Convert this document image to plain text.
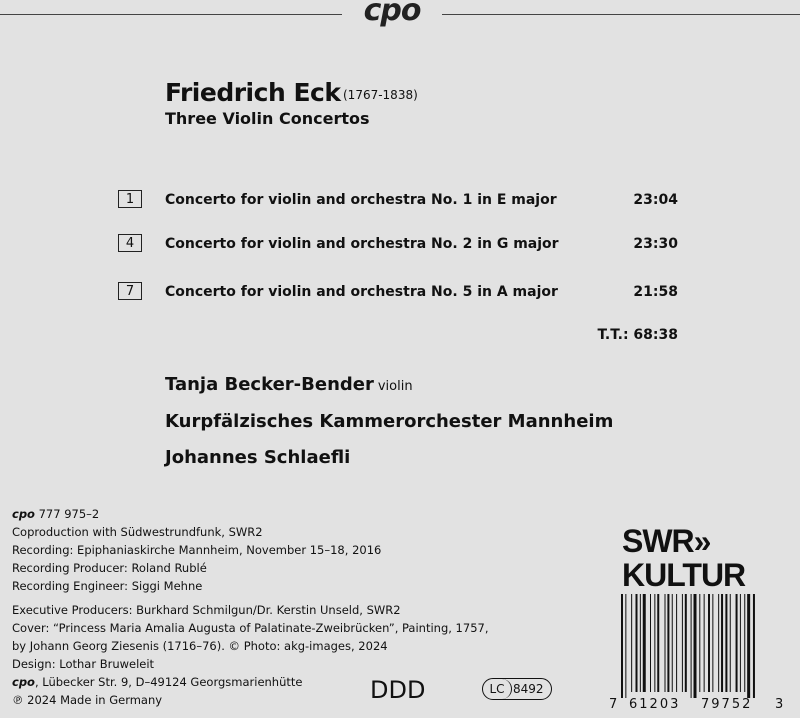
cpo
Friedrich Eck (1767-1838)
Three Violin Concertos
1	Concerto for violin and orchestra No. 1 in E major	23:04
4	Concerto for violin and orchestra No. 2 in G major	23:30
7	Concerto for violin and orchestra No. 5 in A major	21:58
T.T.: 68:38
Tanja Becker-Bender violin
Kurpfälzisches Kammerorchester Mannheim
Johannes Schlaefli
cpo 777 975–2
Coproduction with Südwestrundfunk, SWR2
Recording: Epiphaniaskirche Mannheim, November 15–18, 2016
Recording Producer: Roland Rublé
Recording Engineer: Siggi Mehne
Executive Producers: Burkhard Schmilgun/Dr. Kerstin Unseld, SWR2
Cover: “Princess Maria Amalia Augusta of Palatinate-Zweibrücken”, Painting, 1757,
by Johann Georg Ziesenis (1716–76). © Photo: akg-images, 2024
Design: Lothar Bruweleit
cpo, Lübecker Str. 9, D–49124 Georgsmarienhütte
℗ 2024 Made in Germany
SWR»
KULTUR
DDD	LC 8492
7 61203 79752 3
